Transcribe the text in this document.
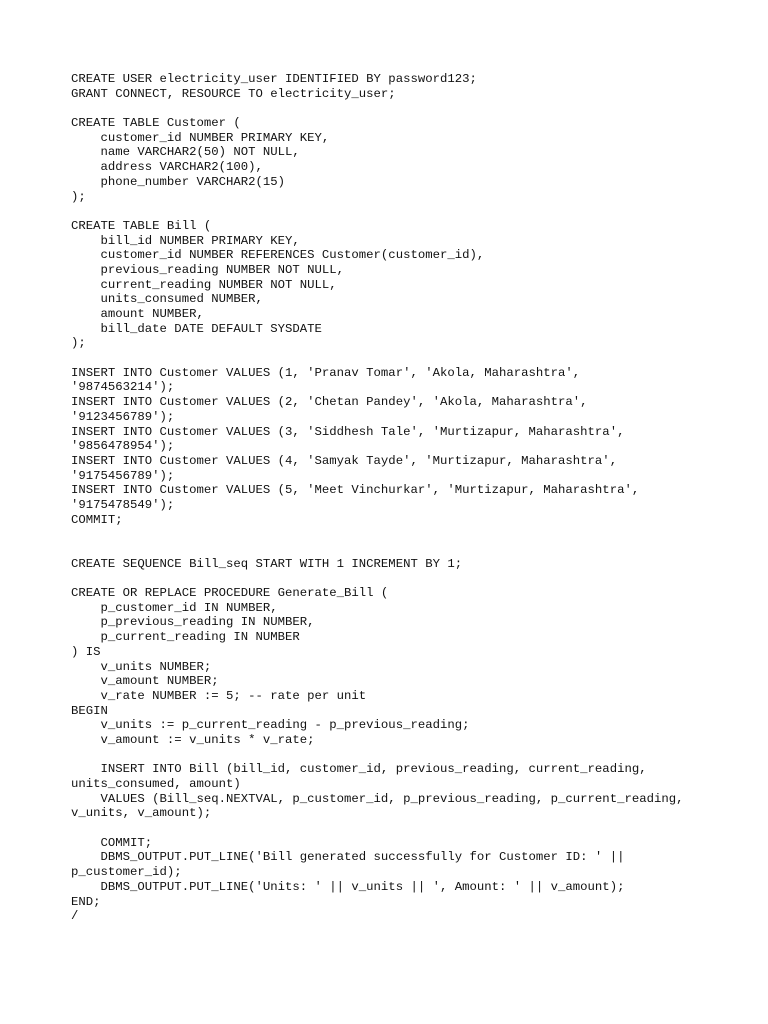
CREATE USER electricity_user IDENTIFIED BY password123;
GRANT CONNECT, RESOURCE TO electricity_user;
CREATE TABLE Customer (
customer_id NUMBER PRIMARY KEY,
name VARCHAR2(50) NOT NULL,
address VARCHAR2(100),
phone_number VARCHAR2(15)
);
CREATE TABLE Bill (
bill_id NUMBER PRIMARY KEY,
customer_id NUMBER REFERENCES Customer(customer_id),
previous_reading NUMBER NOT NULL,
current_reading NUMBER NOT NULL,
units_consumed NUMBER,
amount NUMBER,
bill_date DATE DEFAULT SYSDATE
);
INSERT INTO Customer VALUES (1, 'Pranav Tomar', 'Akola, Maharashtra',
'9874563214');
INSERT INTO Customer VALUES (2, 'Chetan Pandey', 'Akola, Maharashtra',
'9123456789');
INSERT INTO Customer VALUES (3, 'Siddhesh Tale', 'Murtizapur, Maharashtra',
'9856478954');
INSERT INTO Customer VALUES (4, 'Samyak Tayde', 'Murtizapur, Maharashtra',
'9175456789');
INSERT INTO Customer VALUES (5, 'Meet Vinchurkar', 'Murtizapur, Maharashtra',
'9175478549');
COMMIT;
CREATE SEQUENCE Bill_seq START WITH 1 INCREMENT BY 1;
CREATE OR REPLACE PROCEDURE Generate_Bill (
p_customer_id IN NUMBER,
p_previous_reading IN NUMBER,
p_current_reading IN NUMBER
) IS
v_units NUMBER;
v_amount NUMBER;
v_rate NUMBER := 5; -- rate per unit
BEGIN
v_units := p_current_reading - p_previous_reading;
v_amount := v_units * v_rate;
INSERT INTO Bill (bill_id, customer_id, previous_reading, current_reading,
units_consumed, amount)
VALUES (Bill_seq.NEXTVAL, p_customer_id, p_previous_reading, p_current_reading,
v_units, v_amount);
COMMIT;
DBMS_OUTPUT.PUT_LINE('Bill generated successfully for Customer ID: ' ||
p_customer_id);
DBMS_OUTPUT.PUT_LINE('Units: ' || v_units || ', Amount: ' || v_amount);
END;
/
